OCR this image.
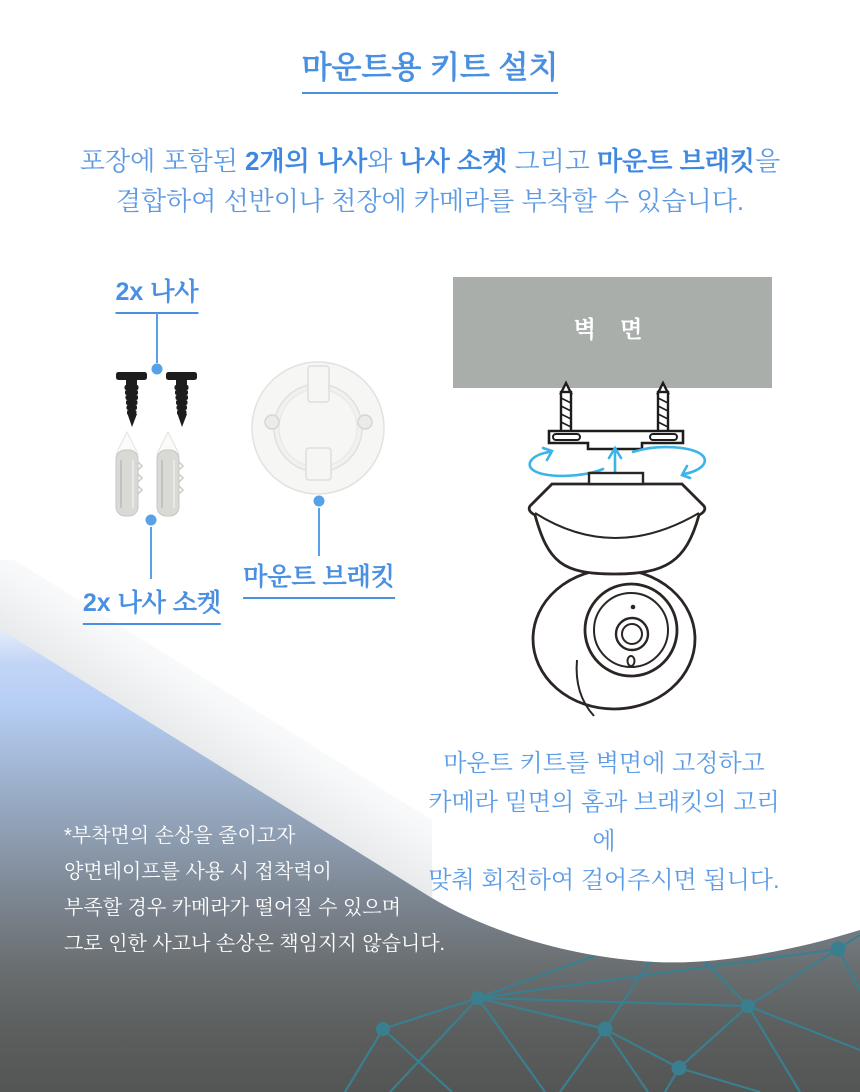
마운트용 키트 설치
포장에 포함된 2개의 나사와 나사 소켓 그리고 마운트 브래킷을
결합하여 선반이나 천장에 카메라를 부착할 수 있습니다.
2x 나사
2x 나사 소켓
마운트 브래킷
벽 면
마운트 키트를 벽면에 고정하고
카메라 밑면의 홈과 브래킷의 고리에
맞춰 회전하여 걸어주시면 됩니다.
*부착면의 손상을 줄이고자
양면테이프를 사용 시 접착력이
부족할 경우 카메라가 떨어질 수 있으며
그로 인한 사고나 손상은 책임지지 않습니다.
